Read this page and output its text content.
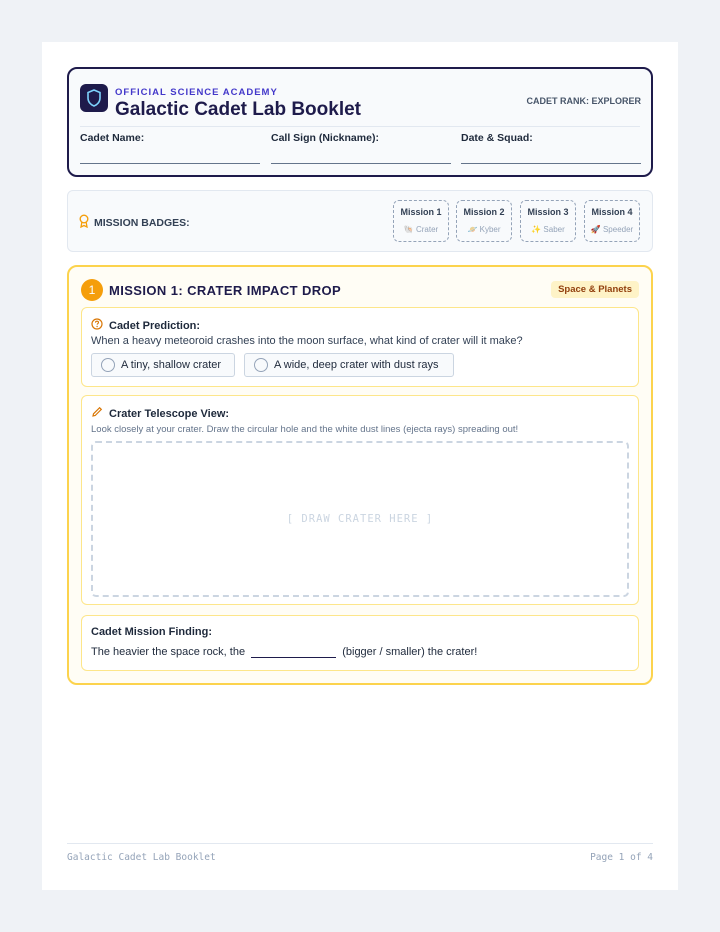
OFFICIAL SCIENCE ACADEMY
Galactic Cadet Lab Booklet	CADET RANK: EXPLORER
Cadet Name:	Call Sign (Nickname):	Date & Squad:
MISSION BADGES:
Mission 1
🐚 Crater
Mission 2
🪐 Kyber
Mission 3
✨ Saber
Mission 4
🚀 Speeder
1	MISSION 1: CRATER IMPACT DROP	Space & Planets
Cadet Prediction:
When a heavy meteoroid crashes into the moon surface, what kind of crater will it make?
A tiny, shallow crater	A wide, deep crater with dust rays
Crater Telescope View:
Look closely at your crater. Draw the circular hole and the white dust lines (ejecta rays) spreading out!
[ DRAW CRATER HERE ]
Cadet Mission Finding:
The heavier the space rock, the	(bigger / smaller) the crater!
Galactic Cadet Lab Booklet	Page 1 of 4
